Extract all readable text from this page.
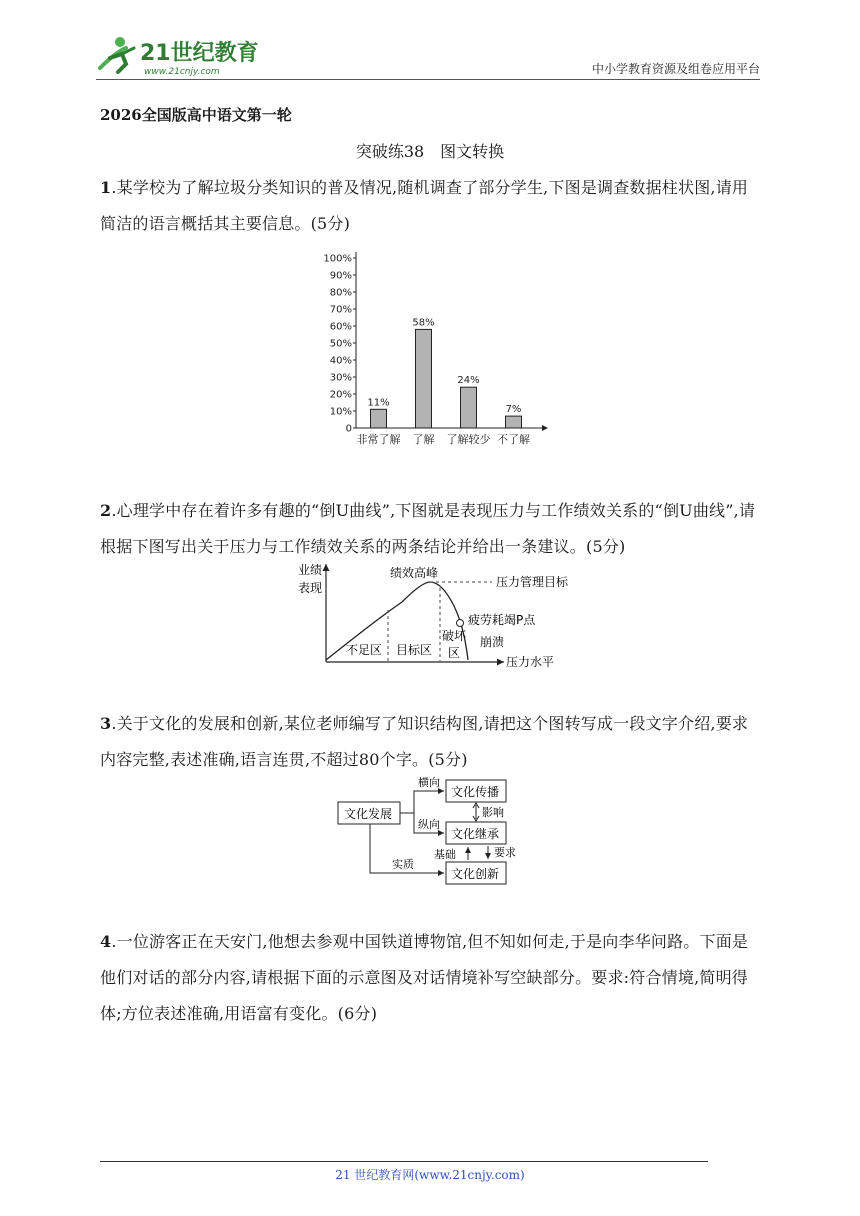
21世纪教育
www.21cnjy.com	中小学教育资源及组卷应用平台
2026全国版高中语文第一轮
突破练38　图文转换
1.某学校为了解垃圾分类知识的普及情况,随机调查了部分学生,下图是调查数据柱状图,请用简洁的语言概括其主要信息。(5分)
0
10%
20%
30%
40%
50%
60%
70%
80%
90%
100%
11%
非常了解
58%
了解
24%
了解较少
7%
不了解
2.心理学中存在着许多有趣的“倒U曲线”,下图就是表现压力与工作绩效关系的“倒U曲线”,请根据下图写出关于压力与工作绩效关系的两条结论并给出一条建议。(5分)
业绩
表现
压力水平
绩效高峰
压力管理目标
疲劳耗竭P点
崩溃
不足区 目标区
破坏
区
3.关于文化的发展和创新,某位老师编写了知识结构图,请把这个图转写成一段文字介绍,要求内容完整,表述准确,语言连贯,不超过80个字。(5分)
文化发展
文化传播
文化继承
文化创新
横向
纵向
影响
基础	要求
实质
4.一位游客正在天安门,他想去参观中国铁道博物馆,但不知如何走,于是向李华问路。下面是他们对话的部分内容,请根据下面的示意图及对话情境补写空缺部分。要求:符合情境,简明得体;方位表述准确,用语富有变化。(6分)
21 世纪教育网(www.21cnjy.com)
